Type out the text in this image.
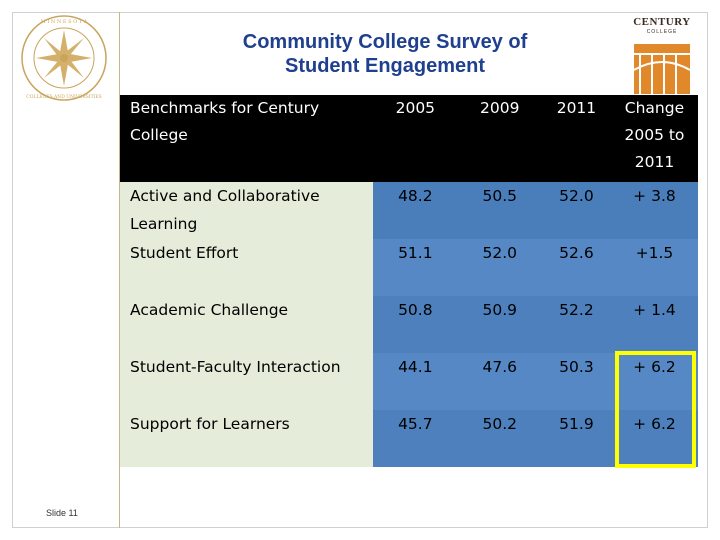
M I N N E S O T A
COLLEGES AND UNIVERSITIES
Community College Survey of
Student Engagement
CENTURY
COLLEGE
Benchmarks for Century College	2005	2009	2011	Change 2005 to 2011
Active and Collaborative Learning	48.2	50.5	52.0	+ 3.8
Student Effort	51.1	52.0	52.6	+1.5
Academic Challenge	50.8	50.9	52.2	+ 1.4
Student-Faculty Interaction	44.1	47.6	50.3	+ 6.2
Support for Learners	45.7	50.2	51.9	+ 6.2
Slide 11
